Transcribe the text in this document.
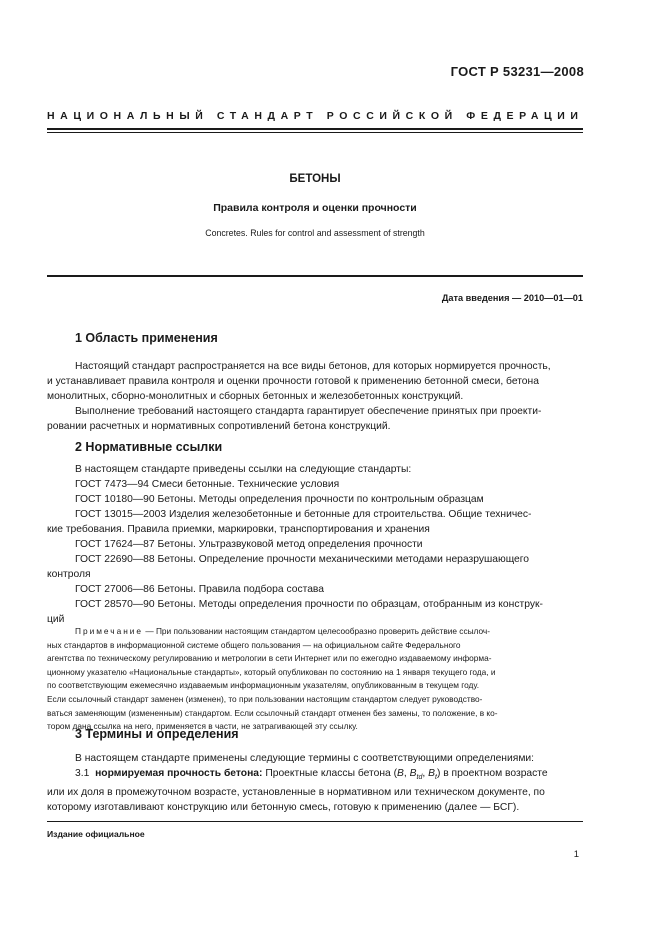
ГОСТ Р 53231—2008
НАЦИОНАЛЬНЫЙ СТАНДАРТ РОССИЙСКОЙ ФЕДЕРАЦИИ
БЕТОНЫ
Правила контроля и оценки прочности
Concretes. Rules for control and assessment of strength
Дата введения — 2010—01—01
1 Область применения
Настоящий стандарт распространяется на все виды бетонов, для которых нормируется прочность,
и устанавливает правила контроля и оценки прочности готовой к применению бетонной смеси, бетона
монолитных, сборно-монолитных и сборных бетонных и железобетонных конструкций.
Выполнение требований настоящего стандарта гарантирует обеспечение принятых при проекти-
ровании расчетных и нормативных сопротивлений бетона конструкций.
2 Нормативные ссылки
В настоящем стандарте приведены ссылки на следующие стандарты:
ГОСТ 7473—94 Смеси бетонные. Технические условия
ГОСТ 10180—90 Бетоны. Методы определения прочности по контрольным образцам
ГОСТ 13015—2003 Изделия железобетонные и бетонные для строительства. Общие техничес-
кие требования. Правила приемки, маркировки, транспортирования и хранения
ГОСТ 17624—87 Бетоны. Ультразвуковой метод определения прочности
ГОСТ 22690—88 Бетоны. Определение прочности механическими методами неразрушающего
контроля
ГОСТ 27006—86 Бетоны. Правила подбора состава
ГОСТ 28570—90 Бетоны. Методы определения прочности по образцам, отобранным из конструк-
ций
Примечание — При пользовании настоящим стандартом целесообразно проверить действие ссылоч-
ных стандартов в информационной системе общего пользования — на официальном сайте Федерального
агентства по техническому регулированию и метрологии в сети Интернет или по ежегодно издаваемому информа-
ционному указателю «Национальные стандарты», который опубликован по состоянию на 1 января текущего года, и
по соответствующим ежемесячно издаваемым информационным указателям, опубликованным в текущем году.
Если ссылочный стандарт заменен (изменен), то при пользовании настоящим стандартом следует руководство-
ваться заменяющим (измененным) стандартом. Если ссылочный стандарт отменен без замены, то положение, в ко-
тором дана ссылка на него, применяется в части, не затрагивающей эту ссылку.
3 Термины и определения
В настоящем стандарте применены следующие термины с соответствующими определениями:
3.1 нормируемая прочность бетона: Проектные классы бетона (B, $B_{td}$, $B_t$) в проектном возрасте
или их доля в промежуточном возрасте, установленные в нормативном или техническом документе, по
которому изготавливают конструкцию или бетонную смесь, готовую к применению (далее — БСГ).
Издание официальное
1
